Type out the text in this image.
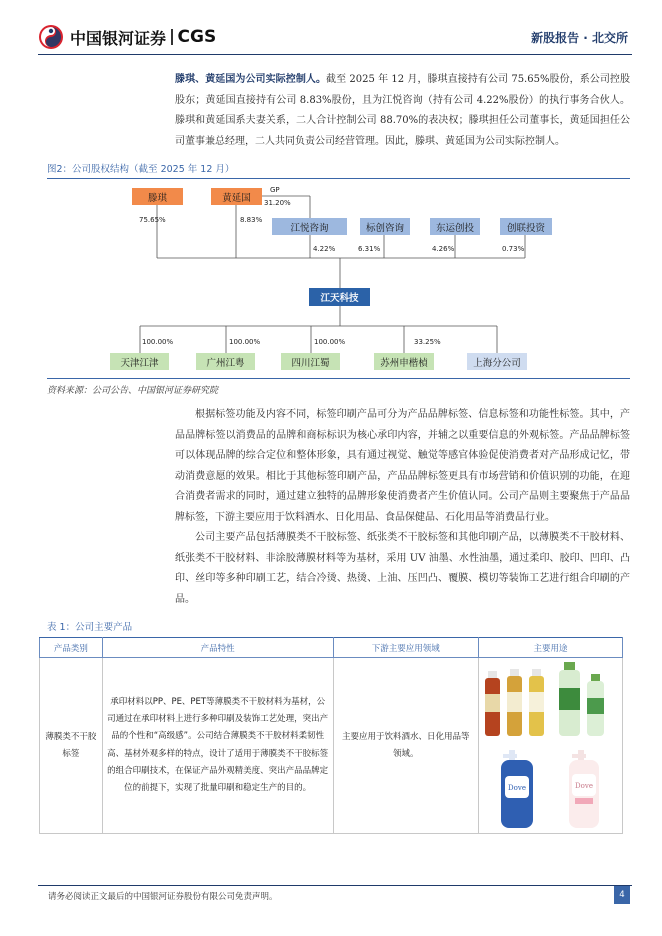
中国银河证券 CGS	新股报告 · 北交所
滕琪、黄延国为公司实际控制人。截至 2025 年 12 月，滕琪直接持有公司 75.65%股份，系公司控股股东；黄延国直接持有公司 8.83%股份，且为江悦咨询（持有公司 4.22%股份）的执行事务合伙人。滕琪和黄延国系夫妻关系，二人合计控制公司 88.70%的表决权；滕琪担任公司董事长，黄延国担任公司董事兼总经理，二人共同负责公司经营管理。因此，滕琪、黄延国为公司实际控制人。
图2：公司股权结构（截至 2025 年 12 月）
滕琪	黄延国
75.65%	8.83%
GP
31.20%
江悦咨询	标创咨询	东运创投	创联投资
4.22%	6.31%	4.26%	0.73%
江天科技
100.00%	100.00%	100.00%	33.25%
天津江津	广州江粤	四川江蜀	苏州申楷楨	上海分公司
资料来源：公司公告、中国银河证券研究院
根据标签功能及内容不同，标签印刷产品可分为产品品牌标签、信息标签和功能性标签。其中，产品品牌标签以消费品的品牌和商标标识为核心承印内容，并辅之以重要信息的外观标签。产品品牌标签可以体现品牌的综合定位和整体形象，具有通过视觉、触觉等感官体验促使消费者对产品形成记忆，带动消费意愿的效果。相比于其他标签印刷产品，产品品牌标签更具有市场营销和价值识别的功能，在迎合消费者需求的同时，通过建立独特的品牌形象使消费者产生价值认同。公司产品则主要聚焦于产品品牌标签，下游主要应用于饮料酒水、日化用品、食品保健品、石化用品等消费品行业。
公司主要产品包括薄膜类不干胶标签、纸张类不干胶标签和其他印刷产品，以薄膜类不干胶材料、纸张类不干胶材料、非涂胶薄膜材料等为基材，采用 UV 油墨、水性油墨，通过柔印、胶印、凹印、凸印、丝印等多种印刷工艺，结合冷烫、热烫、上油、压凹凸、覆膜、模切等装饰工艺进行组合印刷的产品。
表 1：公司主要产品
产品类别	产品特性	下游主要应用领域	主要用途
薄膜类不干胶标签	承印材料以PP、PE、PET等薄膜类不干胶材料为基材，公司通过在承印材料上进行多种印刷及装饰工艺处理，突出产品的个性和“高级感”。公司结合薄膜类不干胶材料柔韧性高、基材外观多样的特点，设计了适用于薄膜类不干胶标签的组合印刷技术，在保证产品外观精美度、突出产品品牌定位的前提下，实现了批量印刷和稳定生产的目的。	主要应用于饮料酒水、日化用品等领域。	Dove Dove
请务必阅读正文最后的中国银河证券股份有限公司免责声明。	4
